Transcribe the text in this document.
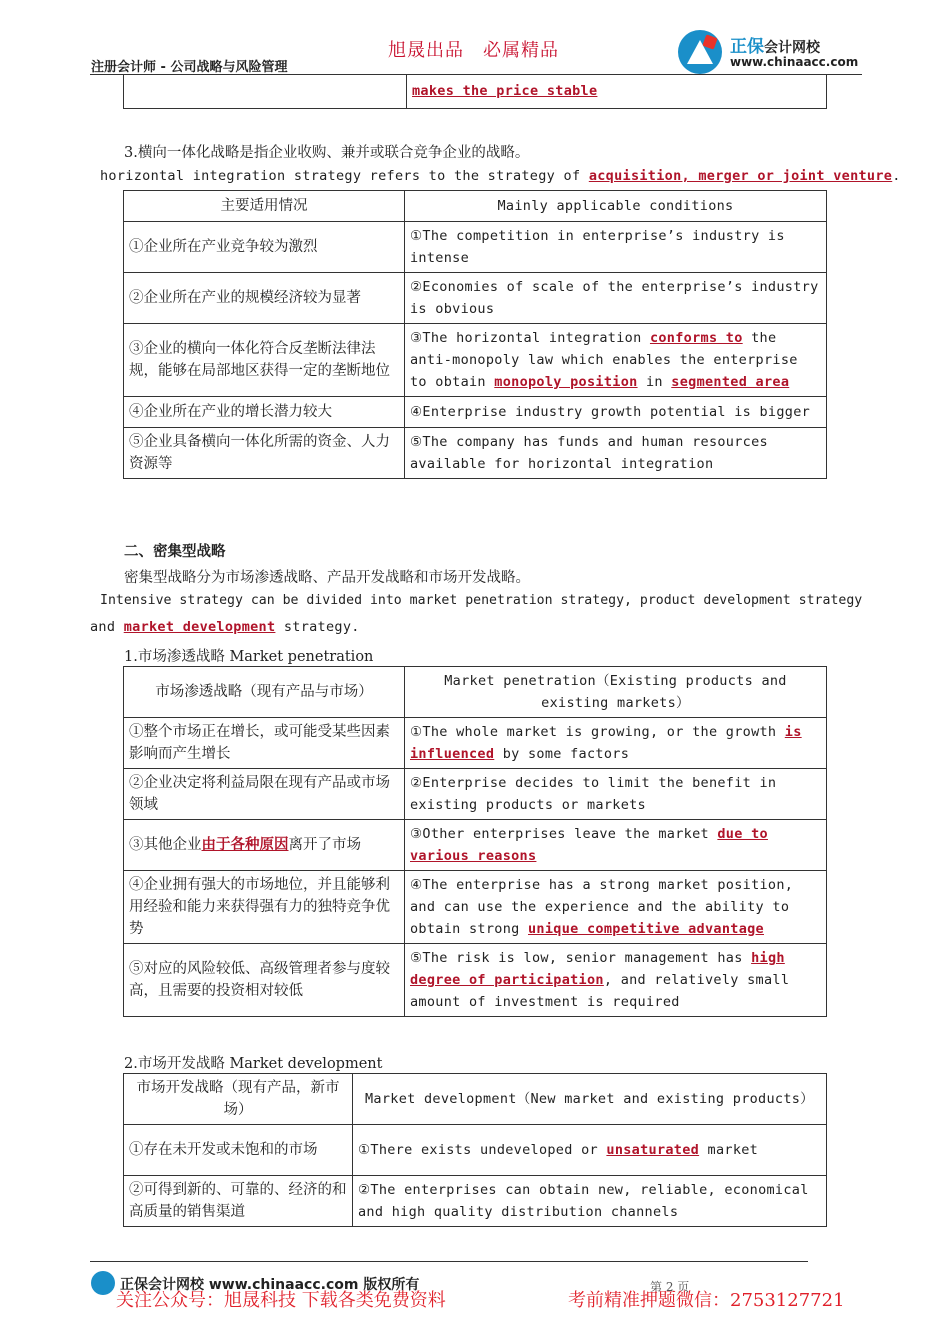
注册会计师 - 公司战略与风险管理
旭晟出品　必属精品	正保会计网校
www.chinaacc.com
	makes the price stable
3.横向一体化战略是指企业收购、兼并或联合竞争企业的战略。
horizontal integration strategy refers to the strategy of acquisition, merger or joint venture.
主要适用情况	Mainly applicable conditions
①企业所在产业竞争较为激烈	①The competition in enterprise’s industry is intense
②企业所在产业的规模经济较为显著	②Economies of scale of the enterprise’s industry is obvious
③企业的横向一体化符合反垄断法律法规，能够在局部地区获得一定的垄断地位	③The horizontal integration conforms to the anti-monopoly law which enables the enterprise to obtain monopoly position in segmented area
④企业所在产业的增长潜力较大	④Enterprise industry growth potential is bigger
⑤企业具备横向一体化所需的资金、人力资源等	⑤The company has funds and human resources available for horizontal integration
二、密集型战略
密集型战略分为市场渗透战略、产品开发战略和市场开发战略。
Intensive strategy can be divided into market penetration strategy, product development strategy
and market development strategy.
1.市场渗透战略 Market penetration
市场渗透战略（现有产品与市场）	Market penetration（Existing products and existing markets）
①整个市场正在增长，或可能受某些因素影响而产生增长	①The whole market is growing, or the growth is influenced by some factors
②企业决定将利益局限在现有产品或市场领域	②Enterprise decides to limit the benefit in existing products or markets
③其他企业由于各种原因离开了市场	③Other enterprises leave the market due to various reasons
④企业拥有强大的市场地位，并且能够利用经验和能力来获得强有力的独特竞争优势	④The enterprise has a strong market position, and can use the experience and the ability to obtain strong unique competitive advantage
⑤对应的风险较低、高级管理者参与度较高，且需要的投资相对较低	⑤The risk is low, senior management has high degree of participation, and relatively small amount of investment is required
2.市场开发战略 Market development
市场开发战略（现有产品，新市场）	Market development（New market and existing products）
①存在未开发或未饱和的市场	①There exists undeveloped or unsaturated market
②可得到新的、可靠的、经济的和高质量的销售渠道	②The enterprises can obtain new, reliable, economical and high quality distribution channels
正保会计网校 www.chinaacc.com 版权所有	第 2 页
关注公众号：旭晟科技 下载各类免费资料	考前精准押题微信：2753127721
